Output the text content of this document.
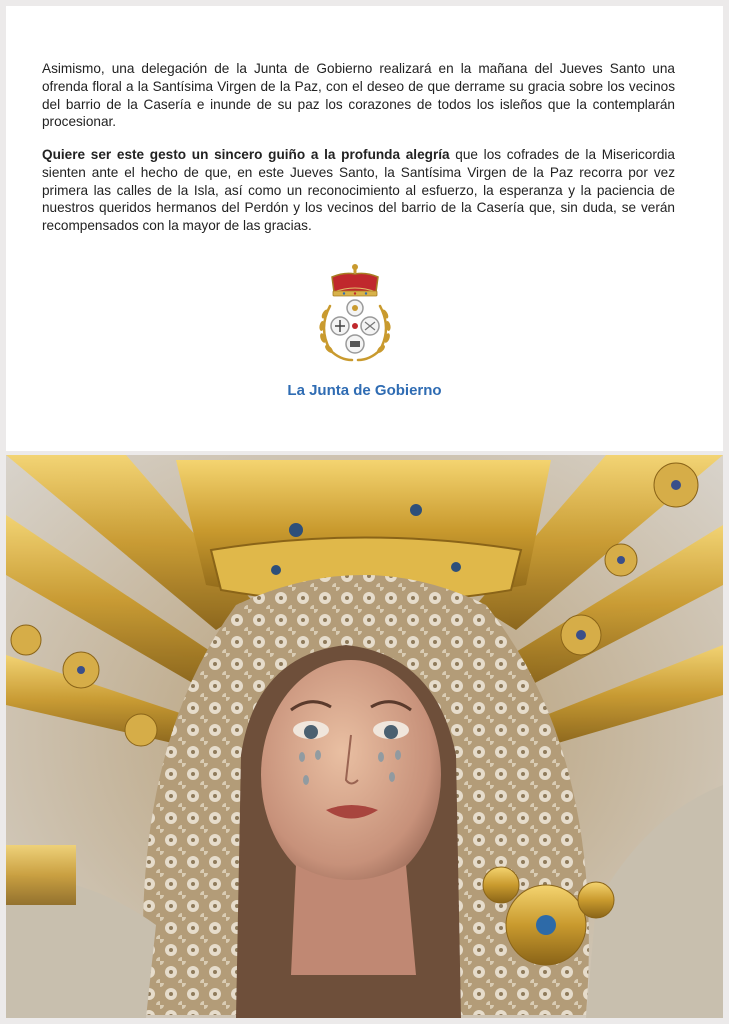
Asimismo, una delegación de la Junta de Gobierno realizará en la mañana del Jueves Santo una ofrenda floral a la Santísima Virgen de la Paz, con el deseo de que derrame su gracia sobre los vecinos del barrio de la Casería e inunde de su paz los corazones de todos los isleños que la contemplarán procesionar.

Quiere ser este gesto un sincero guiño a la profunda alegría que los cofrades de la Misericordia sienten ante el hecho de que, en este Jueves Santo, la Santísima Virgen de la Paz recorra por vez primera las calles de la Isla, así como un reconocimiento al esfuerzo, la esperanza y la paciencia de nuestros queridos hermanos del Perdón y los vecinos del barrio de la Casería que, sin duda, se verán recompensados con la mayor de las gracias.

La Junta de Gobierno
